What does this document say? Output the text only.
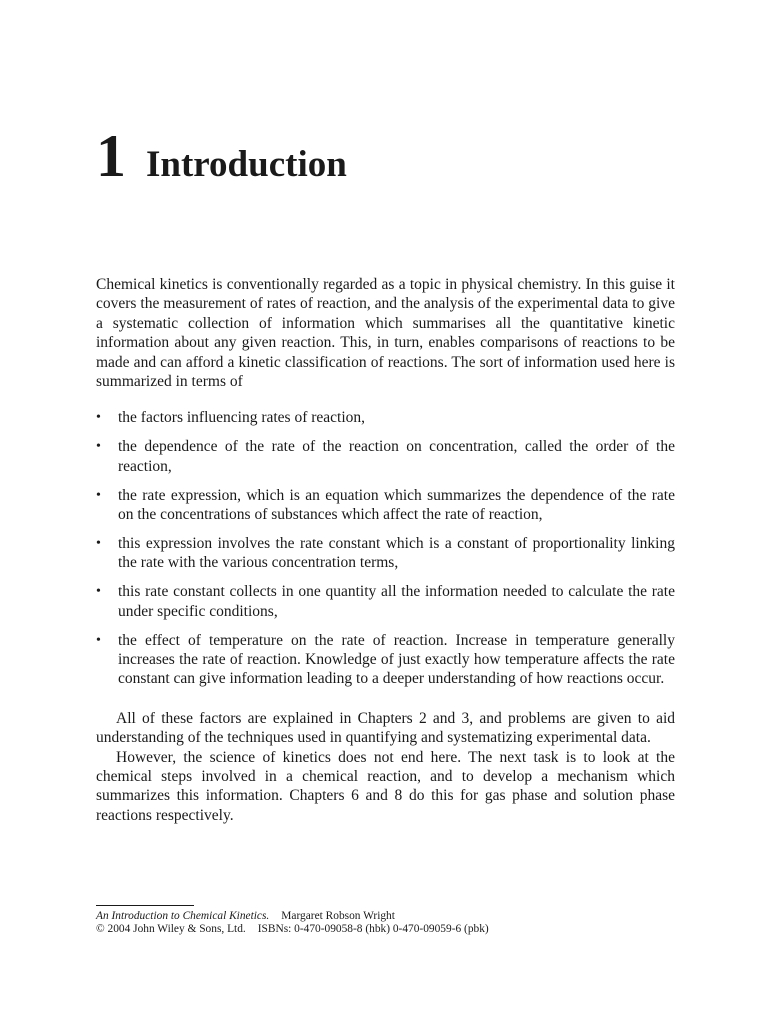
1 Introduction

Chemical kinetics is conventionally regarded as a topic in physical chemistry. In this guise it covers the measurement of rates of reaction, and the analysis of the experimental data to give a systematic collection of information which summarises all the quantitative kinetic information about any given reaction. This, in turn, enables comparisons of reactions to be made and can afford a kinetic classification of reactions. The sort of information used here is summarized in terms of

• the factors influencing rates of reaction,
• the dependence of the rate of the reaction on concentration, called the order of the reaction,
• the rate expression, which is an equation which summarizes the dependence of the rate on the concentrations of substances which affect the rate of reaction,
• this expression involves the rate constant which is a constant of proportionality linking the rate with the various concentration terms,
• this rate constant collects in one quantity all the information needed to calculate the rate under specific conditions,
• the effect of temperature on the rate of reaction. Increase in temperature generally increases the rate of reaction. Knowledge of just exactly how temperature affects the rate constant can give information leading to a deeper understanding of how reactions occur.

All of these factors are explained in Chapters 2 and 3, and problems are given to aid understanding of the techniques used in quantifying and systematizing experimental data.

However, the science of kinetics does not end here. The next task is to look at the chemical steps involved in a chemical reaction, and to develop a mechanism which summarizes this information. Chapters 6 and 8 do this for gas phase and solution phase reactions respectively.

An Introduction to Chemical Kinetics. Margaret Robson Wright
© 2004 John Wiley & Sons, Ltd. ISBNs: 0-470-09058-8 (hbk) 0-470-09059-6 (pbk)
